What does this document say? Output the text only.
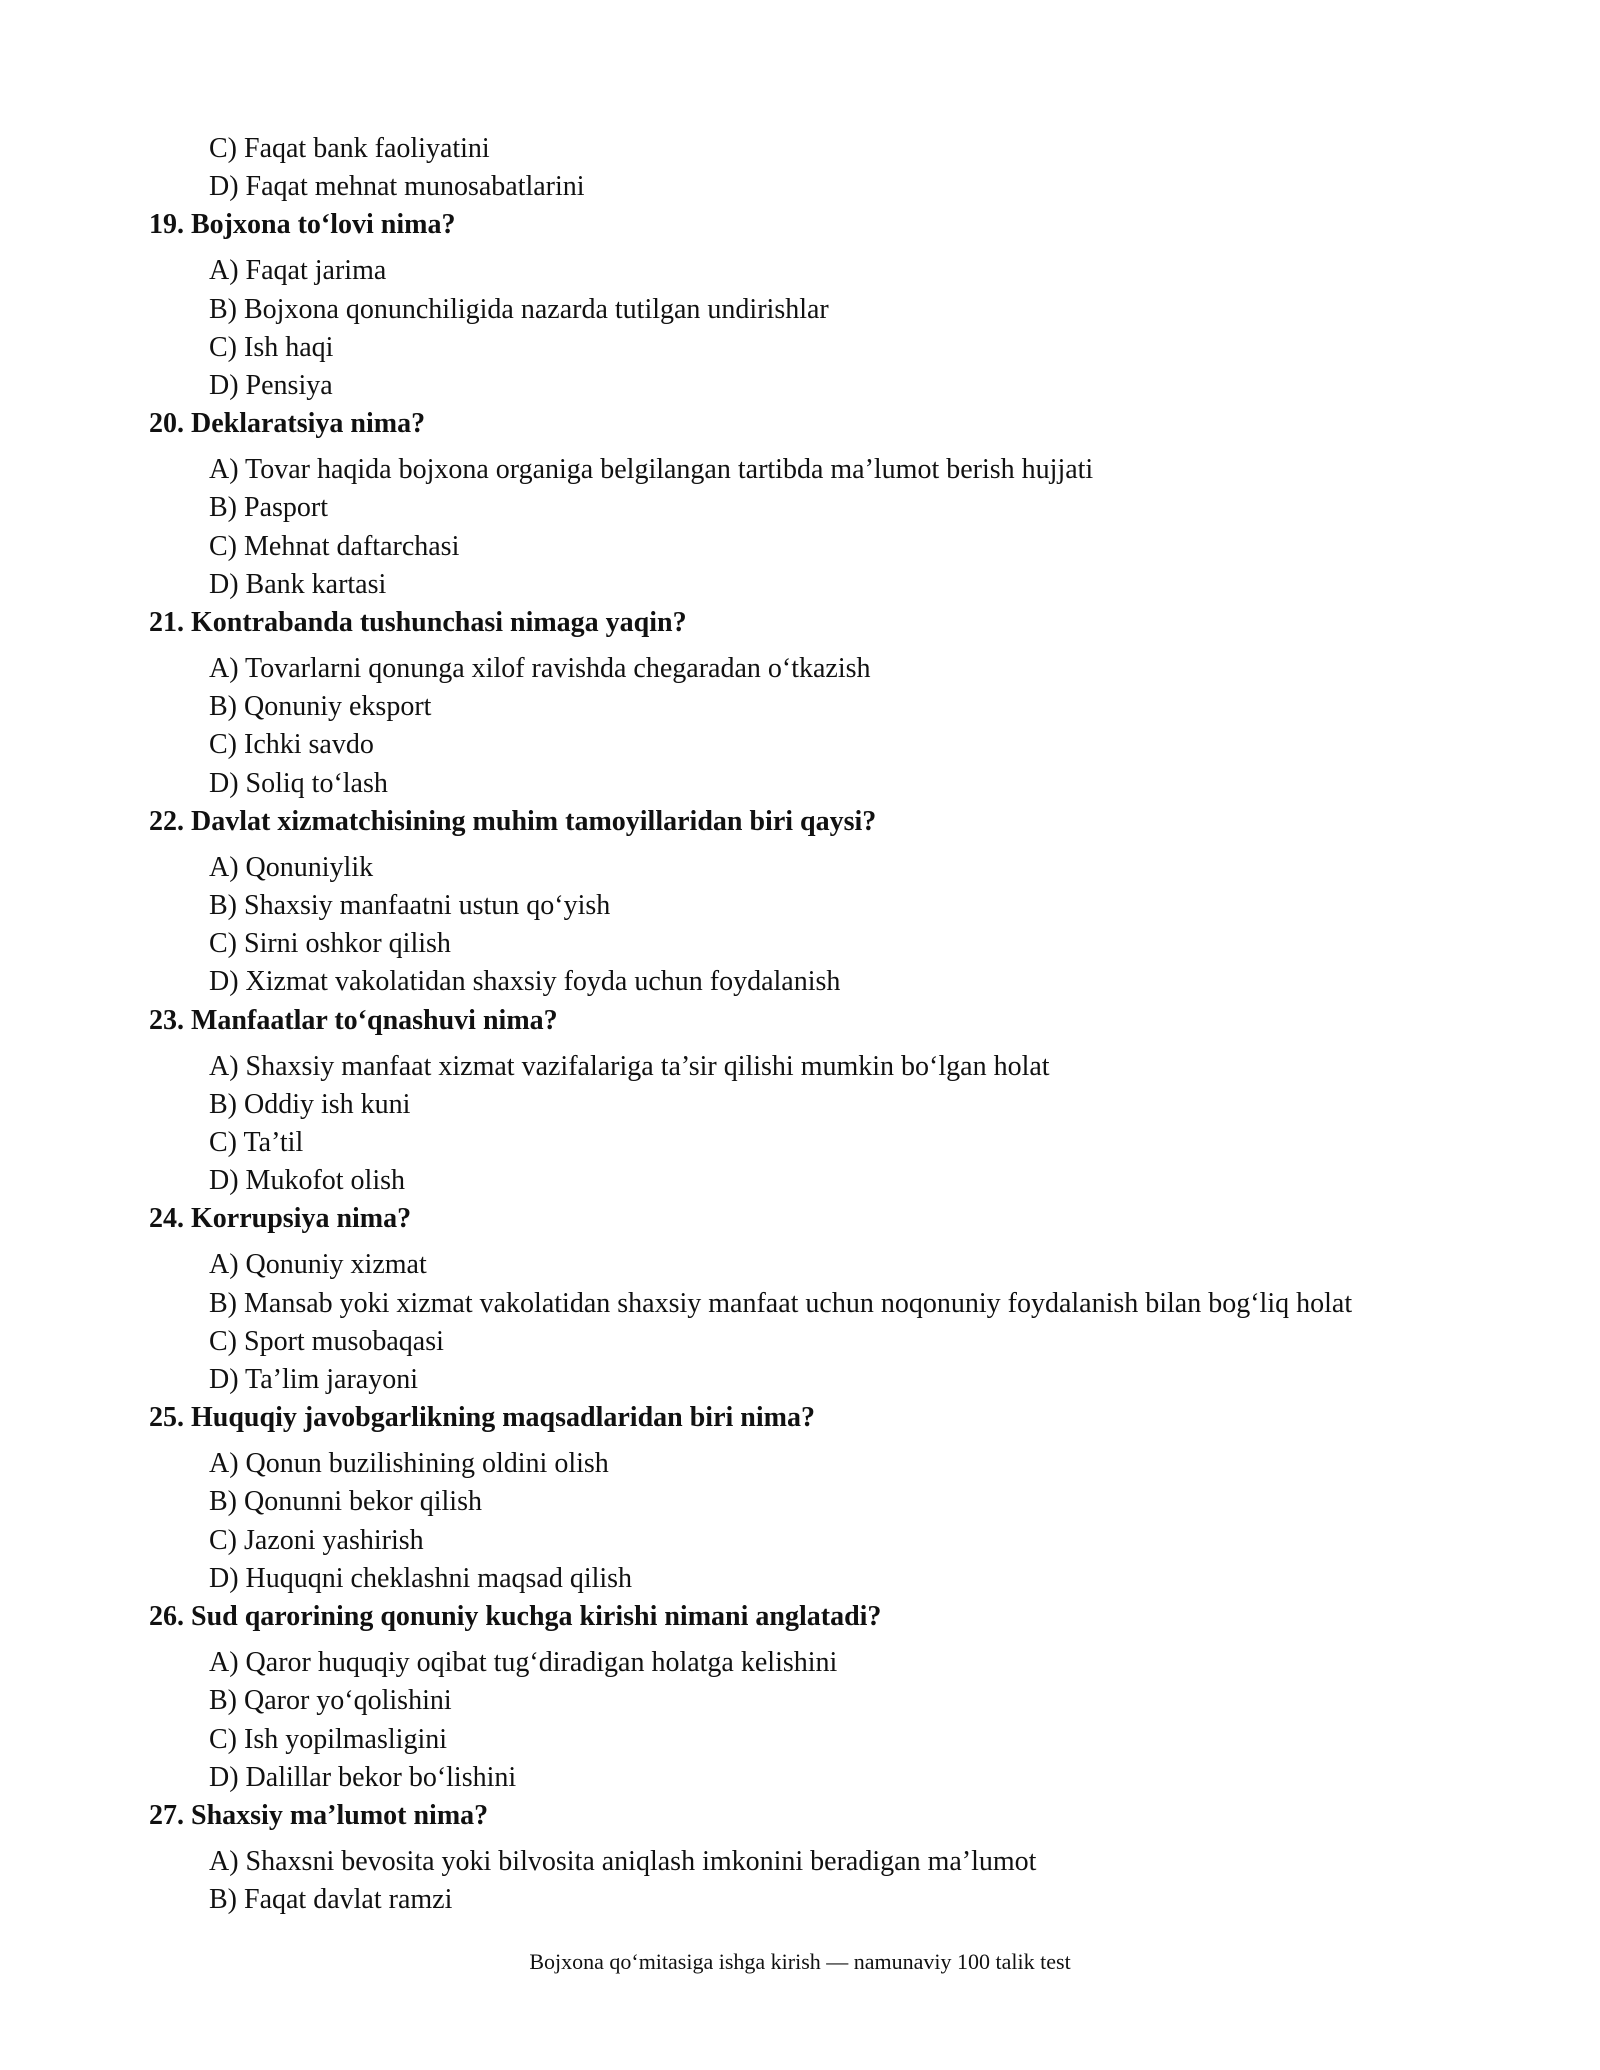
C) Faqat bank faoliyatini
D) Faqat mehnat munosabatlarini
19. Bojxona to‘lovi nima?
A) Faqat jarima
B) Bojxona qonunchiligida nazarda tutilgan undirishlar
C) Ish haqi
D) Pensiya
20. Deklaratsiya nima?
A) Tovar haqida bojxona organiga belgilangan tartibda ma’lumot berish hujjati
B) Pasport
C) Mehnat daftarchasi
D) Bank kartasi
21. Kontrabanda tushunchasi nimaga yaqin?
A) Tovarlarni qonunga xilof ravishda chegaradan o‘tkazish
B) Qonuniy eksport
C) Ichki savdo
D) Soliq to‘lash
22. Davlat xizmatchisining muhim tamoyillaridan biri qaysi?
A) Qonuniylik
B) Shaxsiy manfaatni ustun qo‘yish
C) Sirni oshkor qilish
D) Xizmat vakolatidan shaxsiy foyda uchun foydalanish
23. Manfaatlar to‘qnashuvi nima?
A) Shaxsiy manfaat xizmat vazifalariga ta’sir qilishi mumkin bo‘lgan holat
B) Oddiy ish kuni
C) Ta’til
D) Mukofot olish
24. Korrupsiya nima?
A) Qonuniy xizmat
B) Mansab yoki xizmat vakolatidan shaxsiy manfaat uchun noqonuniy foydalanish bilan bog‘liq holat
C) Sport musobaqasi
D) Ta’lim jarayoni
25. Huquqiy javobgarlikning maqsadlaridan biri nima?
A) Qonun buzilishining oldini olish
B) Qonunni bekor qilish
C) Jazoni yashirish
D) Huquqni cheklashni maqsad qilish
26. Sud qarorining qonuniy kuchga kirishi nimani anglatadi?
A) Qaror huquqiy oqibat tug‘diradigan holatga kelishini
B) Qaror yo‘qolishini
C) Ish yopilmasligini
D) Dalillar bekor bo‘lishini
27. Shaxsiy ma’lumot nima?
A) Shaxsni bevosita yoki bilvosita aniqlash imkonini beradigan ma’lumot
B) Faqat davlat ramzi
Bojxona qo‘mitasiga ishga kirish — namunaviy 100 talik test
